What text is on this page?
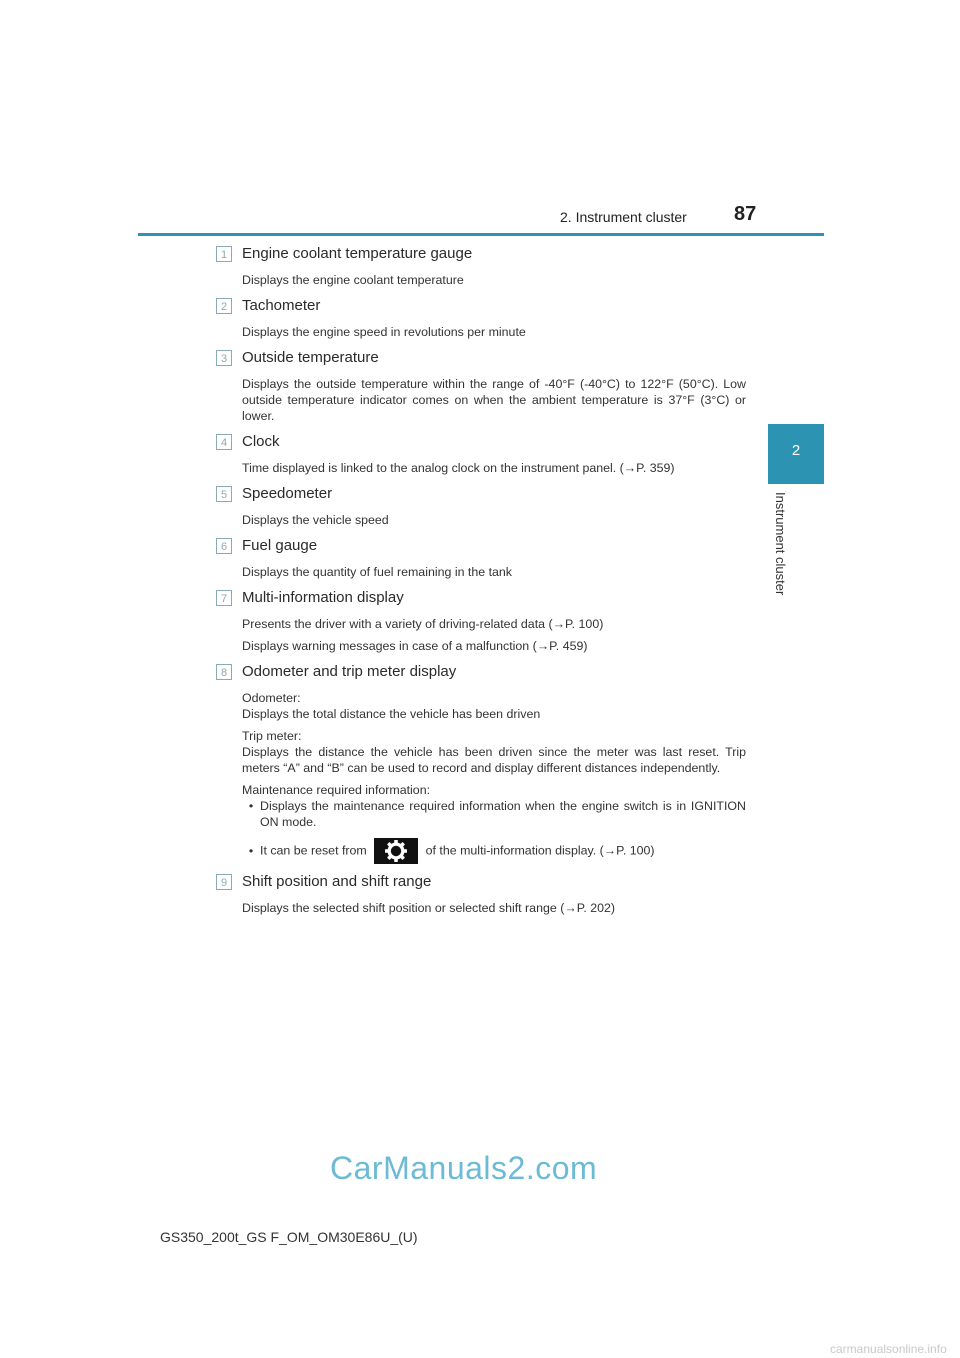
2. Instrument cluster 87
2
Instrument cluster
1 Engine coolant temperature gauge
Displays the engine coolant temperature
2 Tachometer
Displays the engine speed in revolutions per minute
3 Outside temperature
Displays the outside temperature within the range of -40°F (-40°C) to 122°F (50°C). Low outside temperature indicator comes on when the ambient temperature is 37°F (3°C) or lower.
4 Clock
Time displayed is linked to the analog clock on the instrument panel. (→P. 359)
5 Speedometer
Displays the vehicle speed
6 Fuel gauge
Displays the quantity of fuel remaining in the tank
7 Multi-information display

Presents the driver with a variety of driving-related data (→P. 100)

Displays warning messages in case of a malfunction (→P. 459)

8 Odometer and trip meter display

Odometer:

Displays the total distance the vehicle has been driven

Trip meter:

Displays the distance the vehicle has been driven since the meter was last reset. Trip meters “A” and “B” can be used to record and display different distances independently.

Maintenance required information:

• Displays the maintenance required information when the engine switch is in IGNITION ON mode.
• It can be reset from	of the multi-information display. (→P. 100)
9 Shift position and shift range
Displays the selected shift position or selected shift range (→P. 202)
CarManuals2.com
GS350_200t_GS F_OM_OM30E86U_(U)
carmanualsonline.info
